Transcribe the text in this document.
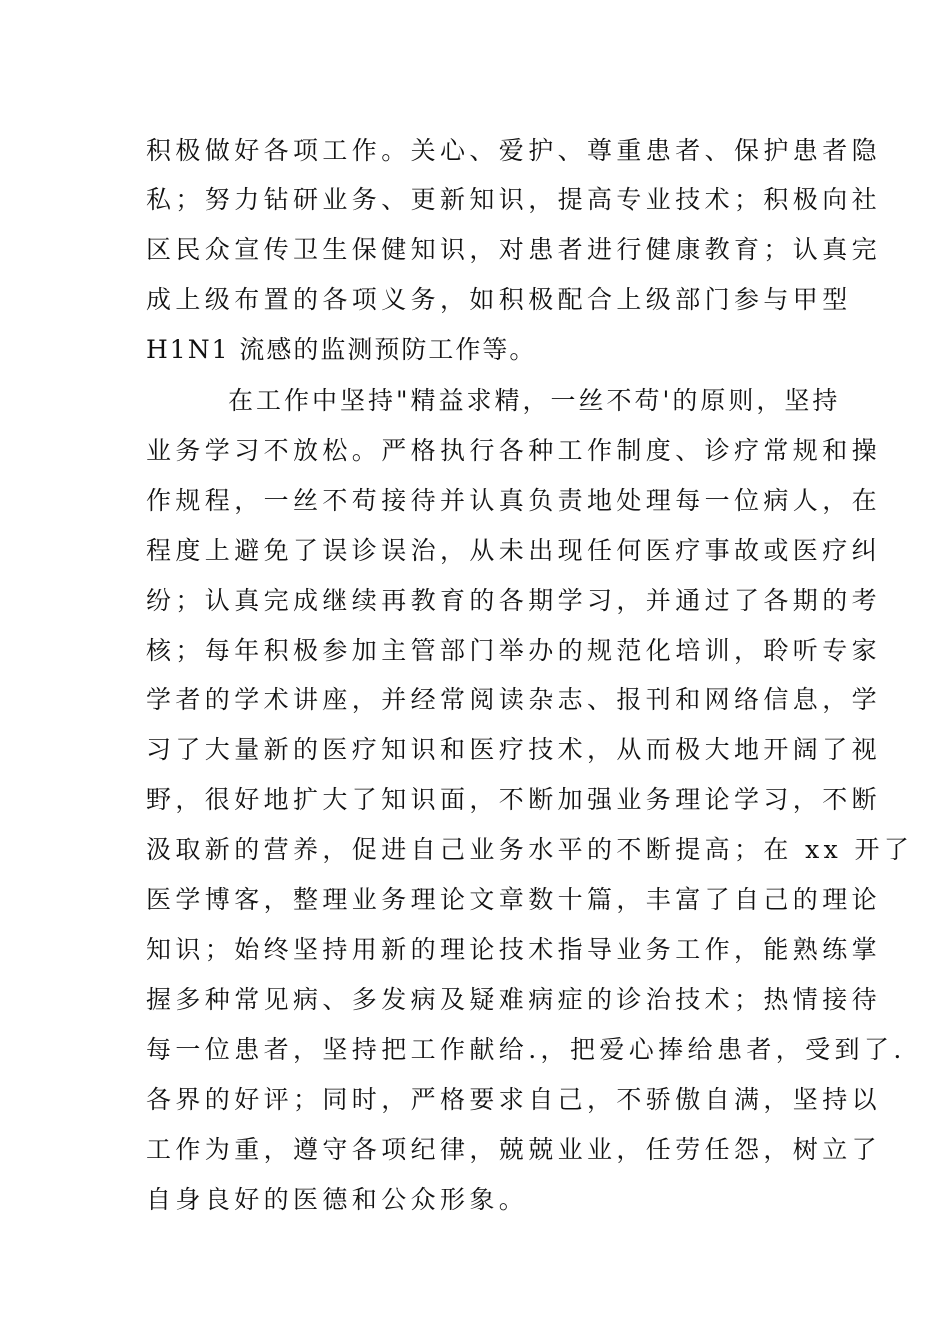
积极做好各项工作。关心、爱护、尊重患者、保护患者隐
私；努力钻研业务、更新知识，提高专业技术；积极向社
区民众宣传卫生保健知识，对患者进行健康教育；认真完
成上级布置的各项义务，如积极配合上级部门参与甲型
H1N1 流感的监测预防工作等。
在工作中坚持"精益求精，一丝不苟'的原则，坚持
业务学习不放松。严格执行各种工作制度、诊疗常规和操
作规程，一丝不苟接待并认真负责地处理每一位病人，在
程度上避免了误诊误治，从未出现任何医疗事故或医疗纠
纷；认真完成继续再教育的各期学习，并通过了各期的考
核；每年积极参加主管部门举办的规范化培训，聆听专家
学者的学术讲座，并经常阅读杂志、报刊和网络信息，学
习了大量新的医疗知识和医疗技术，从而极大地开阔了视
野，很好地扩大了知识面，不断加强业务理论学习，不断
汲取新的营养，促进自己业务水平的不断提高；在 xx 开了
医学博客，整理业务理论文章数十篇，丰富了自己的理论
知识；始终坚持用新的理论技术指导业务工作，能熟练掌
握多种常见病、多发病及疑难病症的诊治技术；热情接待
每一位患者，坚持把工作献给.，把爱心捧给患者，受到了.
各界的好评；同时，严格要求自己，不骄傲自满，坚持以
工作为重，遵守各项纪律，兢兢业业，任劳任怨，树立了
自身良好的医德和公众形象。
